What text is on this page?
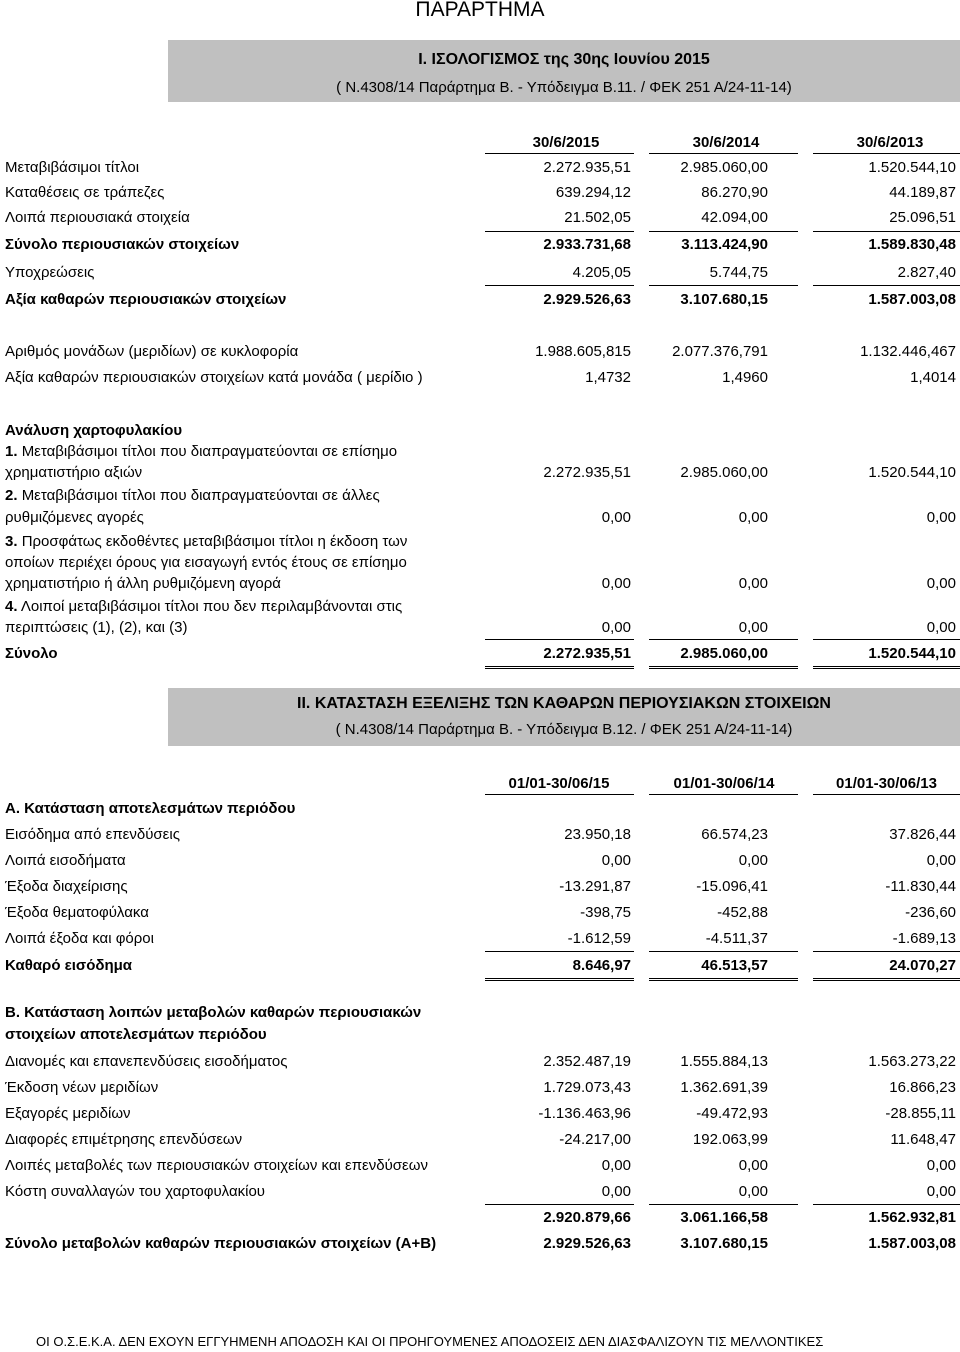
ΠΑΡΑΡΤΗΜΑ
Ι. ΙΣΟΛΟΓΙΣΜΟΣ της 30ης Ιουνίου 2015
( Ν.4308/14 Παράρτημα Β. - Υπόδειγμα Β.11. / ΦΕΚ 251 Α/24-11-14)
30/6/2015	30/6/2014	30/6/2013
Μεταβιβάσιμοι τίτλοι	2.272.935,51	2.985.060,00	1.520.544,10
Καταθέσεις σε τράπεζες	639.294,12	86.270,90	44.189,87
Λοιπά περιουσιακά στοιχεία	21.502,05	42.094,00	25.096,51
Σύνολο περιουσιακών στοιχείων	2.933.731,68	3.113.424,90	1.589.830,48
Υποχρεώσεις	4.205,05	5.744,75	2.827,40
Αξία καθαρών περιουσιακών στοιχείων	2.929.526,63	3.107.680,15	1.587.003,08
Αριθμός μονάδων (μεριδίων) σε κυκλοφορία	1.988.605,815	2.077.376,791	1.132.446,467
Αξία καθαρών περιουσιακών στοιχείων κατά μονάδα ( μερίδιο )	1,4732	1,4960	1,4014
Ανάλυση χαρτοφυλακίου
1. Μεταβιβάσιμοι τίτλοι που διαπραγματεύονται σε επίσημο
χρηματιστήριο αξιών	2.272.935,51	2.985.060,00	1.520.544,10
2. Μεταβιβάσιμοι τίτλοι που διαπραγματεύονται σε άλλες
ρυθμιζόμενες αγορές	0,00	0,00	0,00
3. Προσφάτως εκδοθέντες μεταβιβάσιμοι τίτλοι η έκδοση των
οποίων περιέχει όρους για εισαγωγή εντός έτους σε επίσημο
χρηματιστήριο ή άλλη ρυθμιζόμενη αγορά	0,00	0,00	0,00
4. Λοιποί μεταβιβάσιμοι τίτλοι που δεν περιλαμβάνονται στις
περιπτώσεις (1), (2), και (3)	0,00	0,00	0,00
Σύνολο	2.272.935,51	2.985.060,00	1.520.544,10
ΙΙ. ΚΑΤΑΣΤΑΣΗ ΕΞΕΛΙΞΗΣ ΤΩΝ ΚΑΘΑΡΩΝ ΠΕΡΙΟΥΣΙΑΚΩΝ ΣΤΟΙΧΕΙΩΝ
( Ν.4308/14 Παράρτημα Β. - Υπόδειγμα Β.12. / ΦΕΚ 251 Α/24-11-14)
01/01-30/06/15	01/01-30/06/14	01/01-30/06/13
Α. Κατάσταση αποτελεσμάτων περιόδου
Εισόδημα από επενδύσεις	23.950,18	66.574,23	37.826,44
Λοιπά εισοδήματα	0,00	0,00	0,00
Έξοδα διαχείρισης	-13.291,87	-15.096,41	-11.830,44
Έξοδα θεματοφύλακα	-398,75	-452,88	-236,60
Λοιπά έξοδα και φόροι	-1.612,59	-4.511,37	-1.689,13
Καθαρό εισόδημα	8.646,97	46.513,57	24.070,27
Β. Κατάσταση λοιπών μεταβολών καθαρών περιουσιακών
στοιχείων αποτελεσμάτων περιόδου
Διανομές και επανεπενδύσεις εισοδήματος	2.352.487,19	1.555.884,13	1.563.273,22
Έκδοση νέων μεριδίων	1.729.073,43	1.362.691,39	16.866,23
Εξαγορές μεριδίων	-1.136.463,96	-49.472,93	-28.855,11
Διαφορές επιμέτρησης επενδύσεων	-24.217,00	192.063,99	11.648,47
Λοιπές μεταβολές των περιουσιακών στοιχείων και επενδύσεων	0,00	0,00	0,00
Κόστη συναλλαγών του χαρτοφυλακίου	0,00	0,00	0,00
2.920.879,66	3.061.166,58	1.562.932,81
Σύνολο μεταβολών καθαρών περιουσιακών στοιχείων (Α+Β)	2.929.526,63	3.107.680,15	1.587.003,08
ΟΙ Ο.Σ.Ε.Κ.Α. ΔΕΝ ΕΧΟΥΝ ΕΓΓΥΗΜΕΝΗ ΑΠΟΔΟΣΗ ΚΑΙ ΟΙ ΠΡΟΗΓΟΥΜΕΝΕΣ ΑΠΟΔΟΣΕΙΣ ΔΕΝ ΔΙΑΣΦΑΛΙΖΟΥΝ ΤΙΣ ΜΕΛΛΟΝΤΙΚΕΣ
